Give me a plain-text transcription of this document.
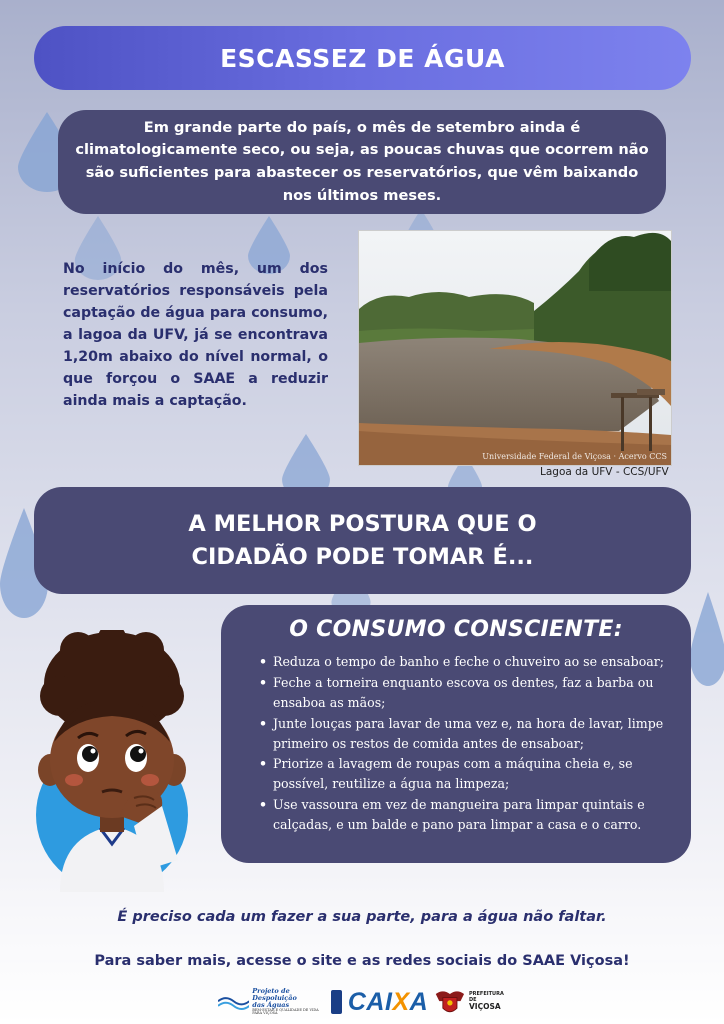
ESCASSEZ DE ÁGUA
Em grande parte do país, o mês de setembro ainda é climatologicamente seco, ou seja, as poucas chuvas que ocorrem não são suficientes para abastecer os reservatórios, que vêm baixando nos últimos meses.
No início do mês, um dos reservatórios responsáveis pela captação de água para consumo, a lagoa da UFV, já se encontrava 1,20m abaixo do nível normal, o que forçou o SAAE a reduzir ainda mais a captação.
Universidade Federal de Viçosa · Acervo CCS
Lagoa da UFV - CCS/UFV
A MELHOR POSTURA QUE O
CIDADÃO PODE TOMAR É...
O CONSUMO CONSCIENTE:
• Reduza o tempo de banho e feche o chuveiro ao se ensaboar;
• Feche a torneira enquanto escova os dentes, faz a barba ou ensaboa as mãos;
• Junte louças para lavar de uma vez e, na hora de lavar, limpe primeiro os restos de comida antes de ensaboar;
• Priorize a lavagem de roupas com a máquina cheia e, se possível, reutilize a água na limpeza;
• Use vassoura em vez de mangueira para limpar quintais e calçadas, e um balde e pano para limpar a casa e o carro.
É preciso cada um fazer a sua parte, para a água não faltar.
Para saber mais, acesse o site e as redes sociais do SAAE Viçosa!
Projeto de
Despoluição
das Águas
BEM-ESTAR E QUALIDADE DE VIDA PARA VIÇOSA	CAIXA	PREFEITURA DE
VIÇOSA
